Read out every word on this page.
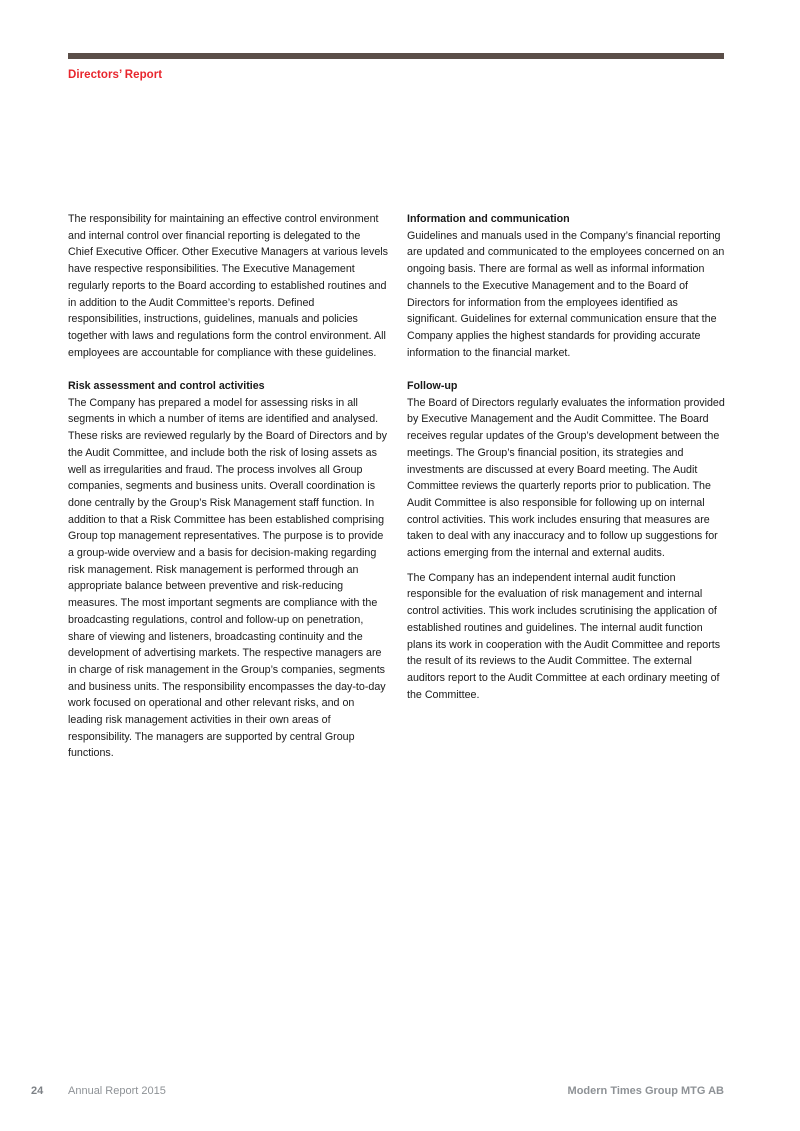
Directors’ Report

The responsibility for maintaining an effective control environment and internal control over financial reporting is delegated to the Chief Executive Officer. Other Executive Managers at various levels have respective responsibilities. The Executive Management regularly reports to the Board according to established routines and in addition to the Audit Committee’s reports. Defined responsibilities, instructions, guidelines, manuals and policies together with laws and regulations form the control environment. All employees are accountable for compliance with these guidelines.

Risk assessment and control activities

The Company has prepared a model for assessing risks in all segments in which a number of items are identified and analysed. These risks are reviewed regularly by the Board of Directors and by the Audit Committee, and include both the risk of losing assets as well as irregularities and fraud. The process involves all Group companies, segments and business units. Overall coordination is done centrally by the Group’s Risk Management staff function. In addition to that a Risk Committee has been established comprising Group top management representatives. The purpose is to provide a group-wide overview and a basis for decision-making regarding risk management. Risk management is performed through an appropriate balance between preventive and risk-reducing measures. The most important segments are compliance with the broadcasting regulations, control and follow-up on penetration, share of viewing and listeners, broadcasting continuity and the development of advertising markets. The respective managers are in charge of risk management in the Group’s companies, segments and business units. The responsibility encompasses the day-to-day work focused on operational and other relevant risks, and on leading risk management activities in their own areas of responsibility. The managers are supported by central Group functions.

Information and communication

Guidelines and manuals used in the Company’s financial reporting are updated and communicated to the employees concerned on an ongoing basis. There are formal as well as informal information channels to the Executive Management and to the Board of Directors for information from the employees identified as significant. Guidelines for external communication ensure that the Company applies the highest standards for providing accurate information to the financial market.

Follow-up

The Board of Directors regularly evaluates the information provided by Executive Management and the Audit Committee. The Board receives regular updates of the Group’s development between the meetings. The Group’s financial position, its strategies and investments are discussed at every Board meeting. The Audit Committee reviews the quarterly reports prior to publication. The Audit Committee is also responsible for following up on internal control activities. This work includes ensuring that measures are taken to deal with any inaccuracy and to follow up suggestions for actions emerging from the internal and external audits.

The Company has an independent internal audit function responsible for the evaluation of risk management and internal control activities. This work includes scrutinising the application of established routines and guidelines. The internal audit function plans its work in cooperation with the Audit Committee and reports the result of its reviews to the Audit Committee. The external auditors report to the Audit Committee at each ordinary meeting of the Committee.

24 Annual Report 2015	Modern Times Group MTG AB
